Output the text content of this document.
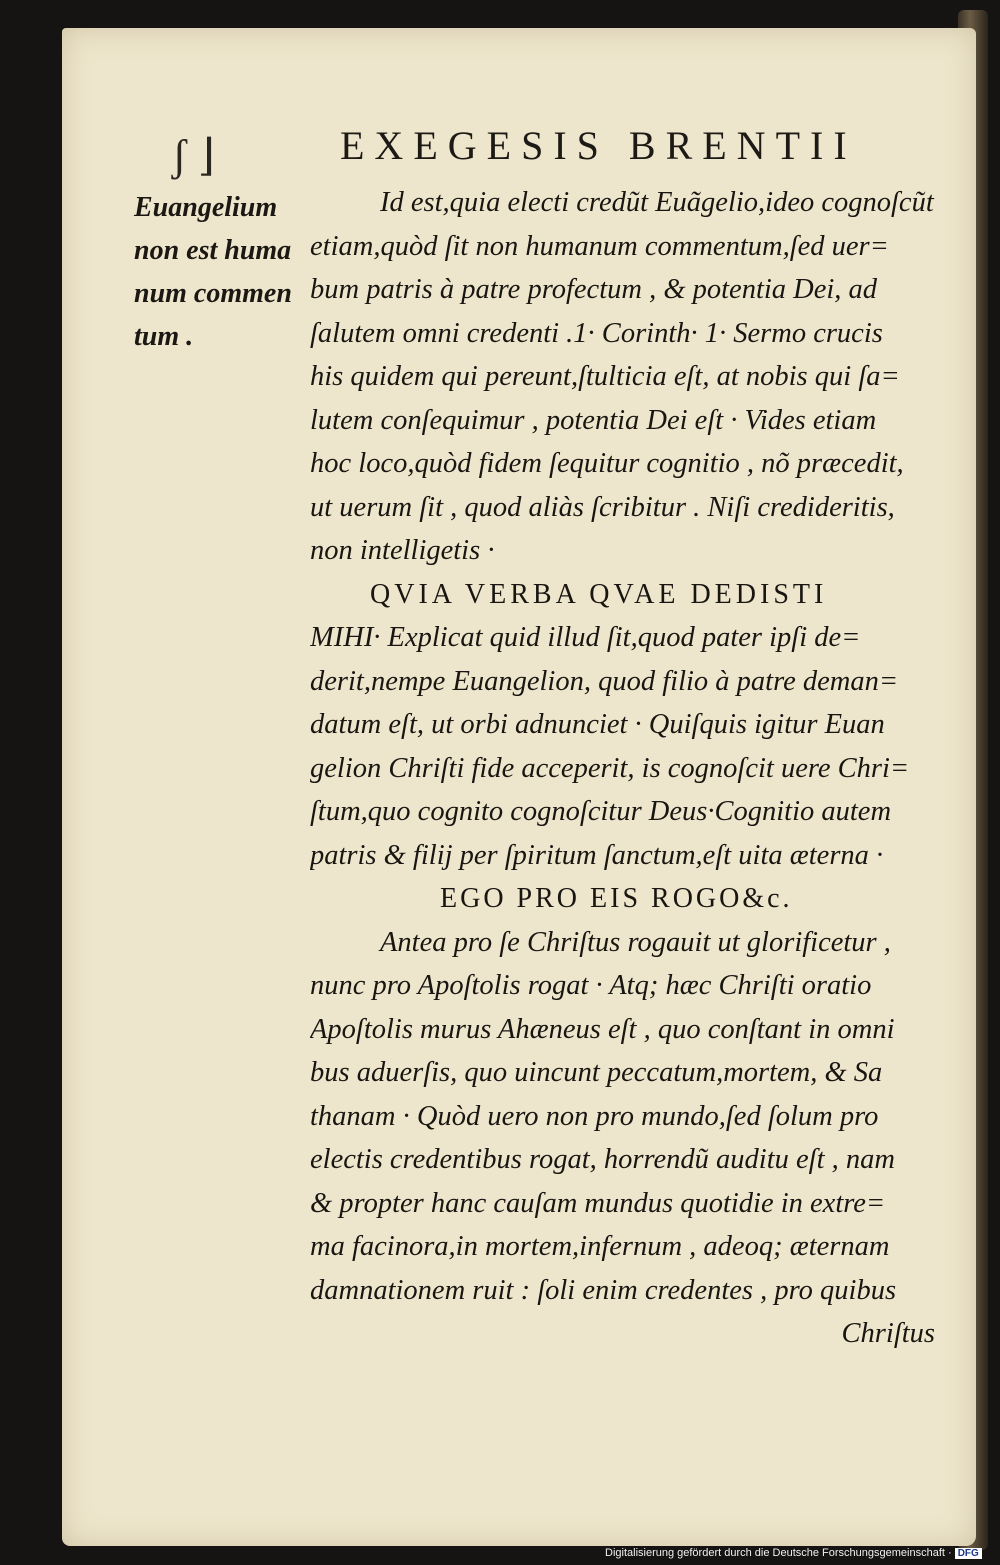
ʃ ⌋	EXEGESIS BRENTII
Euangelium
non est huma
num commen
tum .
Id est,quia electi credũt Euãgelio,ideo cognoſcũt
etiam,quòd ſit non humanum commentum,ſed uer=
bum patris à patre profectum , & potentia Dei, ad
ſalutem omni credenti .1· Corinth· 1· Sermo crucis
his quidem qui pereunt,ſtulticia eſt, at nobis qui ſa=
lutem conſequimur , potentia Dei eſt · Vides etiam
hoc loco,quòd fidem ſequitur cognitio , nõ præcedit,
ut uerum ſit , quod aliàs ſcribitur . Niſi credideritis,
non intelligetis ·
QVIA VERBA QVAE DEDISTI
MIHI· Explicat quid illud ſit,quod pater ipſi de=
derit,nempe Euangelion, quod filio à patre deman=
datum eſt, ut orbi adnunciet · Quiſquis igitur Euan
gelion Chriſti fide acceperit, is cognoſcit uere Chri=
ſtum,quo cognito cognoſcitur Deus·Cognitio autem
patris & filij per ſpiritum ſanctum,eſt uita æterna ·
EGO PRO EIS ROGO&c.
Antea pro ſe Chriſtus rogauit ut glorificetur ,
nunc pro Apoſtolis rogat · Atq; hæc Chriſti oratio
Apoſtolis murus Ahæneus eſt , quo conſtant in omni
bus aduerſis, quo uincunt peccatum,mortem, & Sa
thanam · Quòd uero non pro mundo,ſed ſolum pro
electis credentibus rogat, horrendũ auditu eſt , nam
& propter hanc cauſam mundus quotidie in extre=
ma facinora,in mortem,infernum , adeoq; æternam
damnationem ruit : ſoli enim credentes , pro quibus
Chriſtus
Digitalisierung gefördert durch die Deutsche Forschungsgemeinschaft · DFG
